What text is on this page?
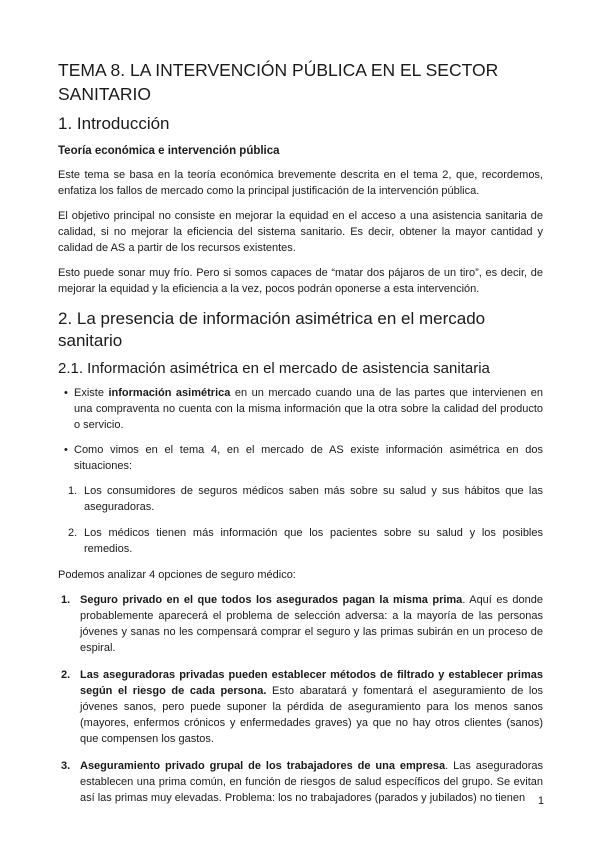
TEMA 8. LA INTERVENCIÓN PÚBLICA EN EL SECTOR SANITARIO
1. Introducción
Teoría económica e intervención pública

Este tema se basa en la teoría económica brevemente descrita en el tema 2, que, recordemos, enfatiza los fallos de mercado como la principal justificación de la intervención pública.

El objetivo principal no consiste en mejorar la equidad en el acceso a una asistencia sanitaria de calidad, si no mejorar la eficiencia del sistema sanitario. Es decir, obtener la mayor cantidad y calidad de AS a partir de los recursos existentes.

Esto puede sonar muy frío. Pero si somos capaces de “matar dos pájaros de un tiro”, es decir, de mejorar la equidad y la eficiencia a la vez, pocos podrán oponerse a esta intervención.

2. La presencia de información asimétrica en el mercado sanitario
2.1. Información asimétrica en el mercado de asistencia sanitaria
• Existe información asimétrica en un mercado cuando una de las partes que intervienen en una compraventa no cuenta con la misma información que la otra sobre la calidad del producto o servicio.
• Como vimos en el tema 4, en el mercado de AS existe información asimétrica en dos situaciones:
1. Los consumidores de seguros médicos saben más sobre su salud y sus hábitos que las aseguradoras.
2. Los médicos tienen más información que los pacientes sobre su salud y los posibles remedios.

Podemos analizar 4 opciones de seguro médico:

1. Seguro privado en el que todos los asegurados pagan la misma prima. Aquí es donde probablemente aparecerá el problema de selección adversa: a la mayoría de las personas jóvenes y sanas no les compensará comprar el seguro y las primas subirán en un proceso de espiral.
2. Las aseguradoras privadas pueden establecer métodos de filtrado y establecer primas según el riesgo de cada persona. Esto abaratará y fomentará el aseguramiento de los jóvenes sanos, pero puede suponer la pérdida de aseguramiento para los menos sanos (mayores, enfermos crónicos y enfermedades graves) ya que no hay otros clientes (sanos) que compensen los gastos.
3. Aseguramiento privado grupal de los trabajadores de una empresa. Las aseguradoras establecen una prima común, en función de riesgos de salud específicos del grupo. Se evitan así las primas muy elevadas. Problema: los no trabajadores (parados y jubilados) no tienen	1
